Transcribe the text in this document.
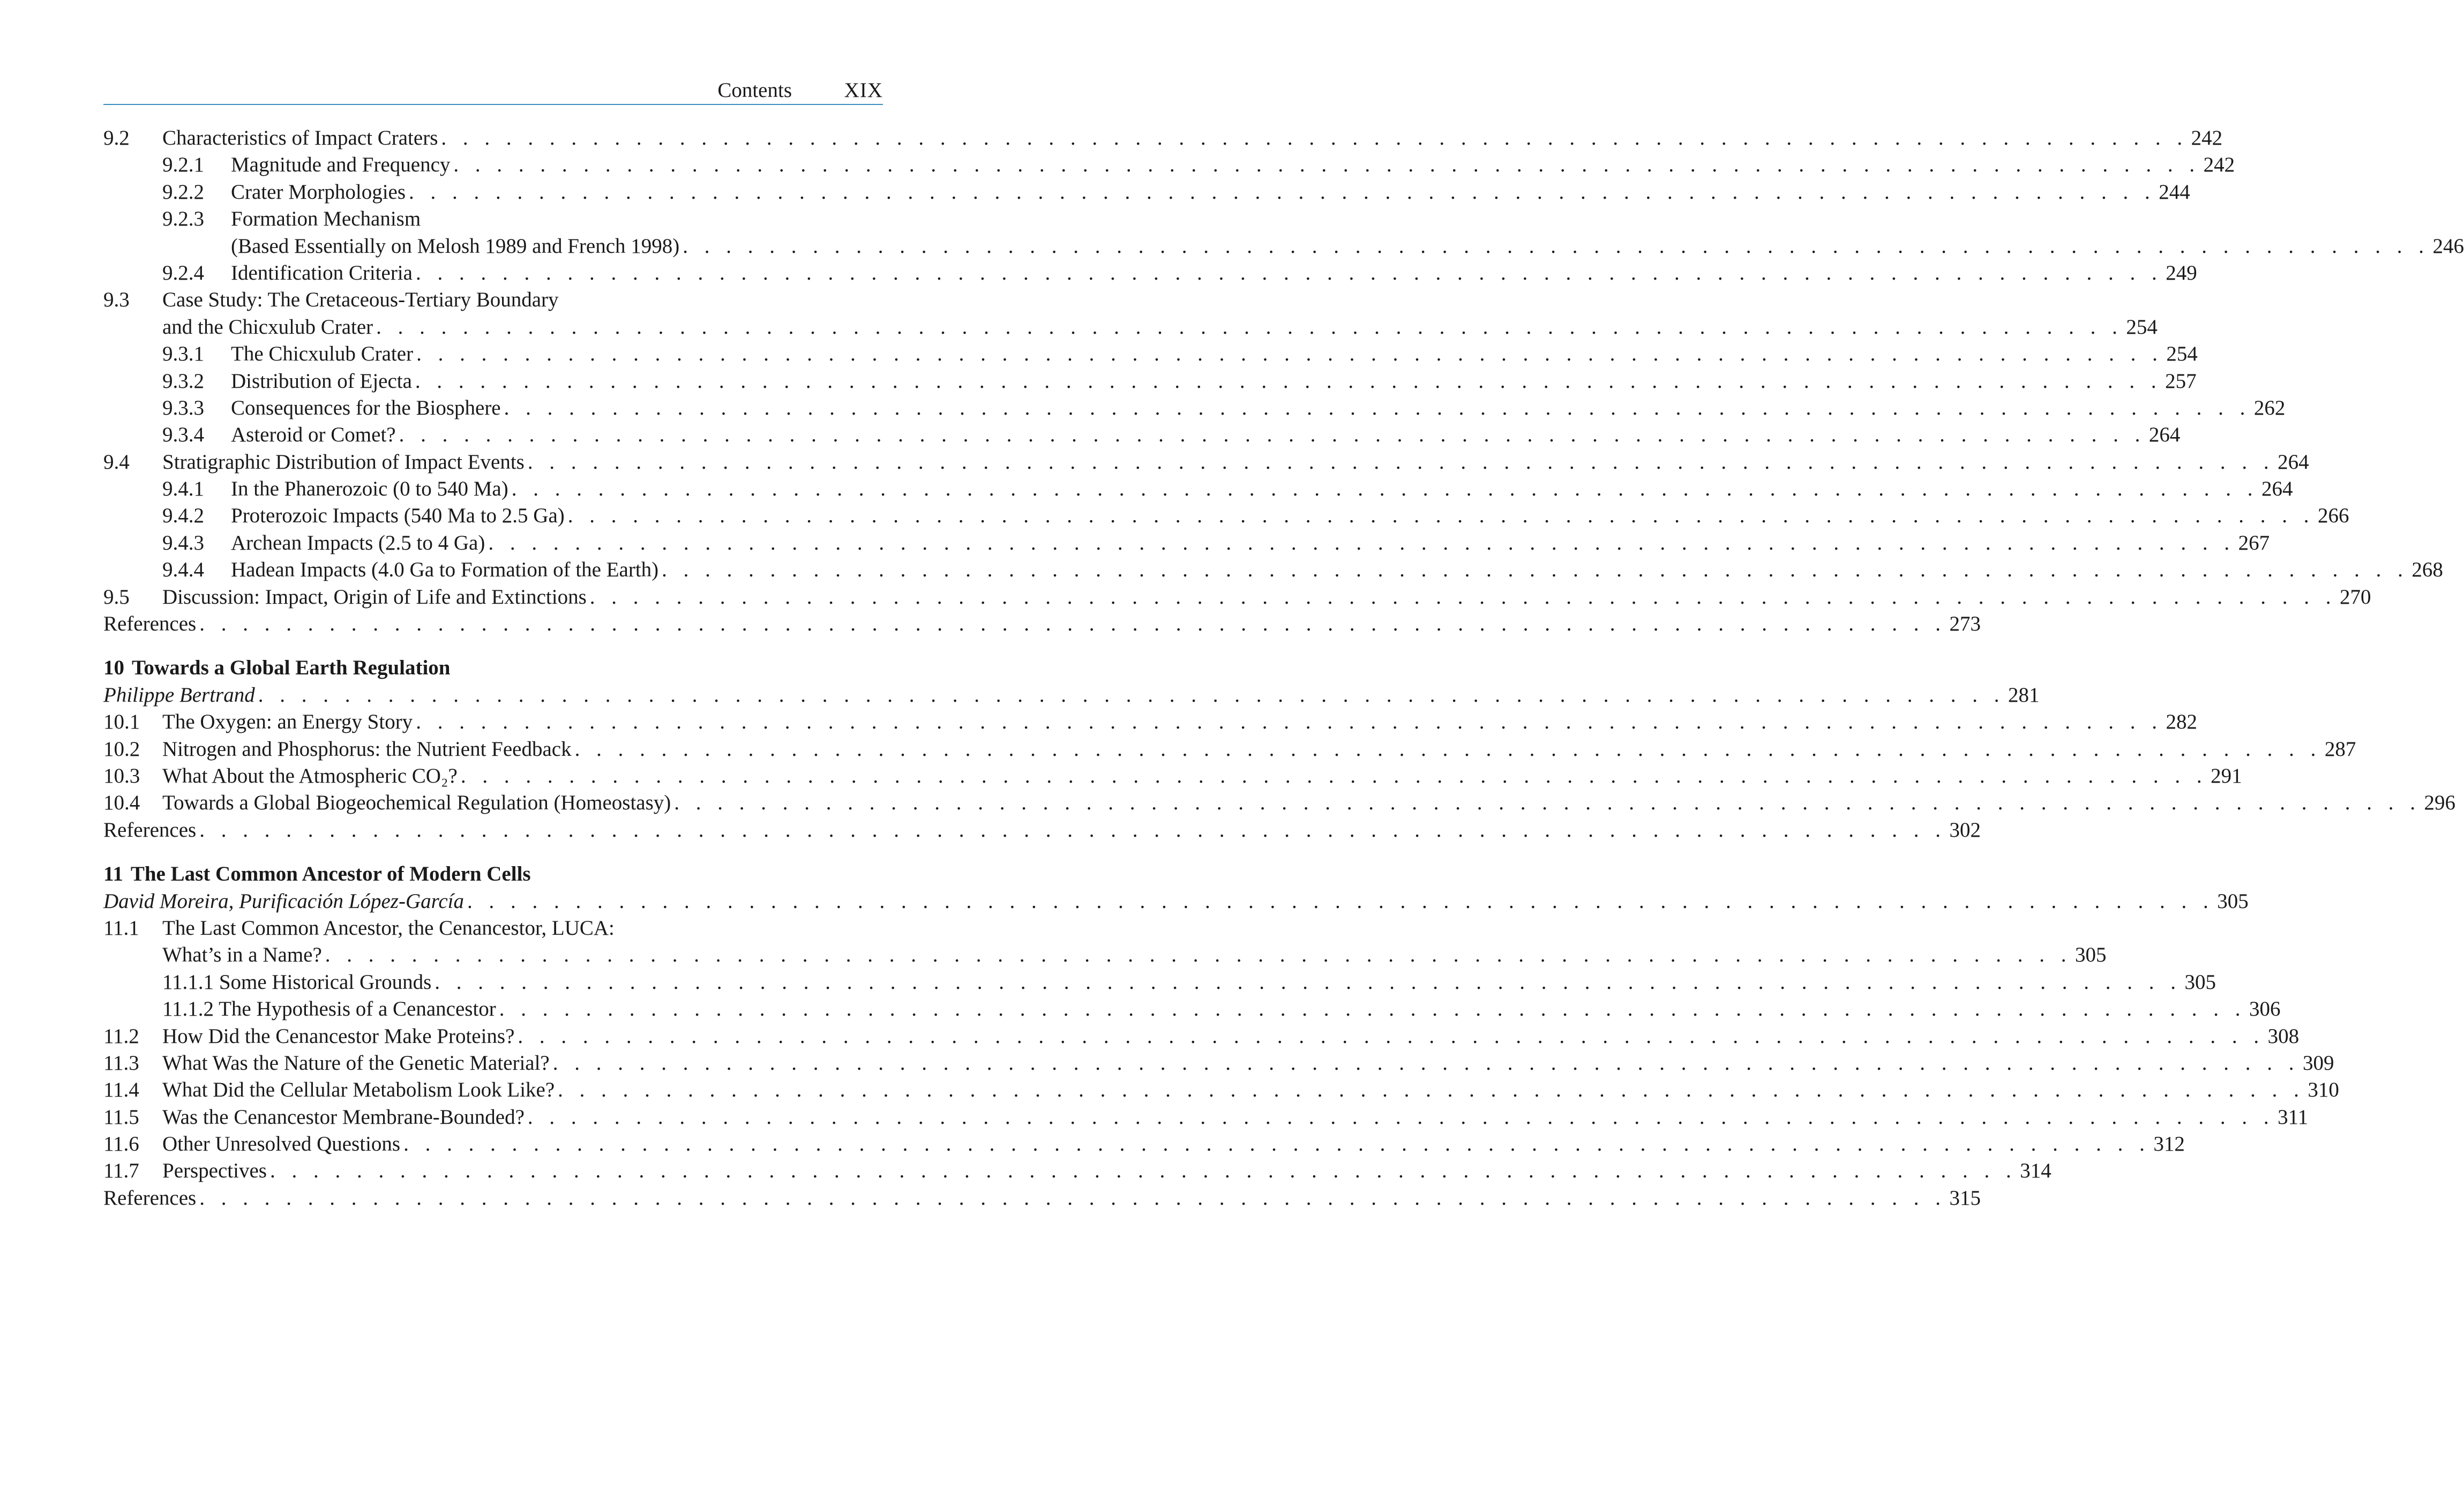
Contents	XIX
9.2 Characteristics of Impact Craters . . . . . . . . . . . . . . . . . . . . . . . . . . . . . . . . . . . . . . . . . . . . . . . . . . . . . . . . . . . . . . . . . . . . . . . . . . . . . . . . . 242
9.2.1 Magnitude and Frequency . . . . . . . . . . . . . . . . . . . . . . . . . . . . . . . . . . . . . . . . . . . . . . . . . . . . . . . . . . . . . . . . . . . . . . . . . . . . . . . . . 242
9.2.2 Crater Morphologies . . . . . . . . . . . . . . . . . . . . . . . . . . . . . . . . . . . . . . . . . . . . . . . . . . . . . . . . . . . . . . . . . . . . . . . . . . . . . . . . . 244
9.2.3 Formation Mechanism
(Based Essentially on Melosh 1989 and French 1998) . . . . . . . . . . . . . . . . . . . . . . . . . . . . . . . . . . . . . . . . . . . . . . . . . . . . . . . . . . . . . . . . . . . . . . . . . . . . . . . . . 246
9.2.4 Identification Criteria . . . . . . . . . . . . . . . . . . . . . . . . . . . . . . . . . . . . . . . . . . . . . . . . . . . . . . . . . . . . . . . . . . . . . . . . . . . . . . . . . 249
9.3 Case Study: The Cretaceous-Tertiary Boundary
and the Chicxulub Crater . . . . . . . . . . . . . . . . . . . . . . . . . . . . . . . . . . . . . . . . . . . . . . . . . . . . . . . . . . . . . . . . . . . . . . . . . . . . . . . . . 254
9.3.1 The Chicxulub Crater . . . . . . . . . . . . . . . . . . . . . . . . . . . . . . . . . . . . . . . . . . . . . . . . . . . . . . . . . . . . . . . . . . . . . . . . . . . . . . . . . 254
9.3.2 Distribution of Ejecta . . . . . . . . . . . . . . . . . . . . . . . . . . . . . . . . . . . . . . . . . . . . . . . . . . . . . . . . . . . . . . . . . . . . . . . . . . . . . . . . . 257
9.3.3 Consequences for the Biosphere . . . . . . . . . . . . . . . . . . . . . . . . . . . . . . . . . . . . . . . . . . . . . . . . . . . . . . . . . . . . . . . . . . . . . . . . . . . . . . . . . 262
9.3.4 Asteroid or Comet? . . . . . . . . . . . . . . . . . . . . . . . . . . . . . . . . . . . . . . . . . . . . . . . . . . . . . . . . . . . . . . . . . . . . . . . . . . . . . . . . . 264
9.4 Stratigraphic Distribution of Impact Events . . . . . . . . . . . . . . . . . . . . . . . . . . . . . . . . . . . . . . . . . . . . . . . . . . . . . . . . . . . . . . . . . . . . . . . . . . . . . . . . . 264
9.4.1 In the Phanerozoic (0 to 540 Ma) . . . . . . . . . . . . . . . . . . . . . . . . . . . . . . . . . . . . . . . . . . . . . . . . . . . . . . . . . . . . . . . . . . . . . . . . . . . . . . . . . 264
9.4.2 Proterozoic Impacts (540 Ma to 2.5 Ga) . . . . . . . . . . . . . . . . . . . . . . . . . . . . . . . . . . . . . . . . . . . . . . . . . . . . . . . . . . . . . . . . . . . . . . . . . . . . . . . . . 266
9.4.3 Archean Impacts (2.5 to 4 Ga) . . . . . . . . . . . . . . . . . . . . . . . . . . . . . . . . . . . . . . . . . . . . . . . . . . . . . . . . . . . . . . . . . . . . . . . . . . . . . . . . . 267
9.4.4 Hadean Impacts (4.0 Ga to Formation of the Earth) . . . . . . . . . . . . . . . . . . . . . . . . . . . . . . . . . . . . . . . . . . . . . . . . . . . . . . . . . . . . . . . . . . . . . . . . . . . . . . . . . 268
9.5 Discussion: Impact, Origin of Life and Extinctions . . . . . . . . . . . . . . . . . . . . . . . . . . . . . . . . . . . . . . . . . . . . . . . . . . . . . . . . . . . . . . . . . . . . . . . . . . . . . . . . . 270
References . . . . . . . . . . . . . . . . . . . . . . . . . . . . . . . . . . . . . . . . . . . . . . . . . . . . . . . . . . . . . . . . . . . . . . . . . . . . . . . . . 273
10 Towards a Global Earth Regulation
Philippe Bertrand . . . . . . . . . . . . . . . . . . . . . . . . . . . . . . . . . . . . . . . . . . . . . . . . . . . . . . . . . . . . . . . . . . . . . . . . . . . . . . . . . 281
10.1 The Oxygen: an Energy Story . . . . . . . . . . . . . . . . . . . . . . . . . . . . . . . . . . . . . . . . . . . . . . . . . . . . . . . . . . . . . . . . . . . . . . . . . . . . . . . . . 282
10.2 Nitrogen and Phosphorus: the Nutrient Feedback . . . . . . . . . . . . . . . . . . . . . . . . . . . . . . . . . . . . . . . . . . . . . . . . . . . . . . . . . . . . . . . . . . . . . . . . . . . . . . . . . 287
10.3 What About the Atmospheric CO₂? . . . . . . . . . . . . . . . . . . . . . . . . . . . . . . . . . . . . . . . . . . . . . . . . . . . . . . . . . . . . . . . . . . . . . . . . . . . . . . . . . 291
10.4 Towards a Global Biogeochemical Regulation (Homeostasy) . . . . . . . . . . . . . . . . . . . . . . . . . . . . . . . . . . . . . . . . . . . . . . . . . . . . . . . . . . . . . . . . . . . . . . . . . . . . . . . . . 296
References . . . . . . . . . . . . . . . . . . . . . . . . . . . . . . . . . . . . . . . . . . . . . . . . . . . . . . . . . . . . . . . . . . . . . . . . . . . . . . . . . 302
11 The Last Common Ancestor of Modern Cells
David Moreira, Purificación López-García . . . . . . . . . . . . . . . . . . . . . . . . . . . . . . . . . . . . . . . . . . . . . . . . . . . . . . . . . . . . . . . . . . . . . . . . . . . . . . . . . 305
11.1 The Last Common Ancestor, the Cenancestor, LUCA:
What’s in a Name? . . . . . . . . . . . . . . . . . . . . . . . . . . . . . . . . . . . . . . . . . . . . . . . . . . . . . . . . . . . . . . . . . . . . . . . . . . . . . . . . . 305
11.1.1 Some Historical Grounds . . . . . . . . . . . . . . . . . . . . . . . . . . . . . . . . . . . . . . . . . . . . . . . . . . . . . . . . . . . . . . . . . . . . . . . . . . . . . . . . . 305
11.1.2 The Hypothesis of a Cenancestor . . . . . . . . . . . . . . . . . . . . . . . . . . . . . . . . . . . . . . . . . . . . . . . . . . . . . . . . . . . . . . . . . . . . . . . . . . . . . . . . . 306
11.2 How Did the Cenancestor Make Proteins? . . . . . . . . . . . . . . . . . . . . . . . . . . . . . . . . . . . . . . . . . . . . . . . . . . . . . . . . . . . . . . . . . . . . . . . . . . . . . . . . . 308
11.3 What Was the Nature of the Genetic Material? . . . . . . . . . . . . . . . . . . . . . . . . . . . . . . . . . . . . . . . . . . . . . . . . . . . . . . . . . . . . . . . . . . . . . . . . . . . . . . . . . 309
11.4 What Did the Cellular Metabolism Look Like? . . . . . . . . . . . . . . . . . . . . . . . . . . . . . . . . . . . . . . . . . . . . . . . . . . . . . . . . . . . . . . . . . . . . . . . . . . . . . . . . . 310
11.5 Was the Cenancestor Membrane-Bounded? . . . . . . . . . . . . . . . . . . . . . . . . . . . . . . . . . . . . . . . . . . . . . . . . . . . . . . . . . . . . . . . . . . . . . . . . . . . . . . . . . 311
11.6 Other Unresolved Questions . . . . . . . . . . . . . . . . . . . . . . . . . . . . . . . . . . . . . . . . . . . . . . . . . . . . . . . . . . . . . . . . . . . . . . . . . . . . . . . . . 312
11.7 Perspectives . . . . . . . . . . . . . . . . . . . . . . . . . . . . . . . . . . . . . . . . . . . . . . . . . . . . . . . . . . . . . . . . . . . . . . . . . . . . . . . . . 314
References . . . . . . . . . . . . . . . . . . . . . . . . . . . . . . . . . . . . . . . . . . . . . . . . . . . . . . . . . . . . . . . . . . . . . . . . . . . . . . . . . 315
